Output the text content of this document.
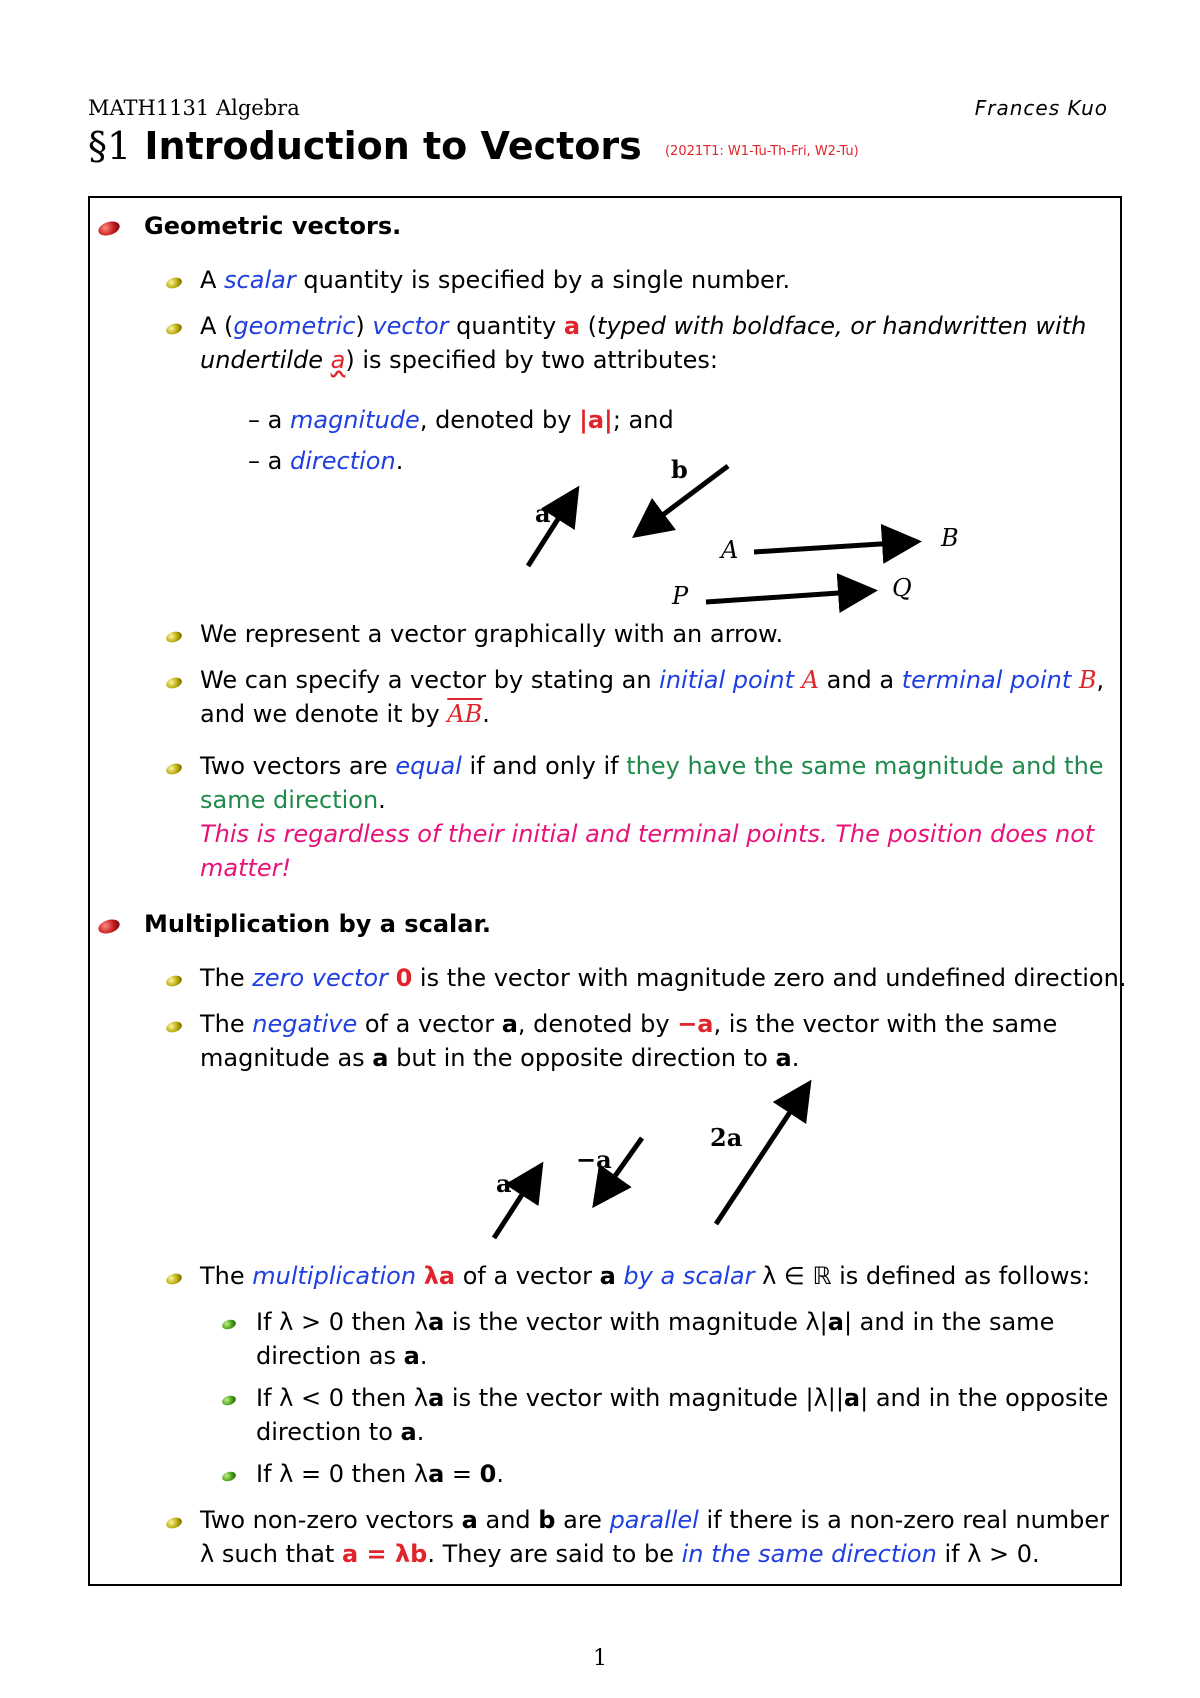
MATH1131 Algebra	Frances Kuo
§1 Introduction to Vectors (2021T1: W1-Tu-Th-Fri, W2-Tu)
Geometric vectors.
A scalar quantity is specified by a single number.
A (geometric) vector quantity a (typed with boldface, or handwritten with undertilde a) is specified by two attributes:
– a magnitude, denoted by |a|; and
– a direction.
a
b
A	B
P	Q
a
−a
2a
We represent a vector graphically with an arrow.
We can specify a vector by stating an initial point A and a terminal point B,
and we denote it by $\overline{AB}$.
Two vectors are equal if and only if they have the same magnitude and the
same direction.
This is regardless of their initial and terminal points. The position does not
matter!
Multiplication by a scalar.
The zero vector 0 is the vector with magnitude zero and undefined direction.
The negative of a vector a, denoted by −a, is the vector with the same
magnitude as a but in the opposite direction to a.
The multiplication λa of a vector a by a scalar λ ∈ ℝ is defined as follows:
If λ > 0 then λa is the vector with magnitude λ|a| and in the same
direction as a.
If λ < 0 then λa is the vector with magnitude |λ||a| and in the opposite
direction to a.
If λ = 0 then λa = 0.
Two non-zero vectors a and b are parallel if there is a non-zero real number
λ such that a = λb. They are said to be in the same direction if λ > 0.
1
